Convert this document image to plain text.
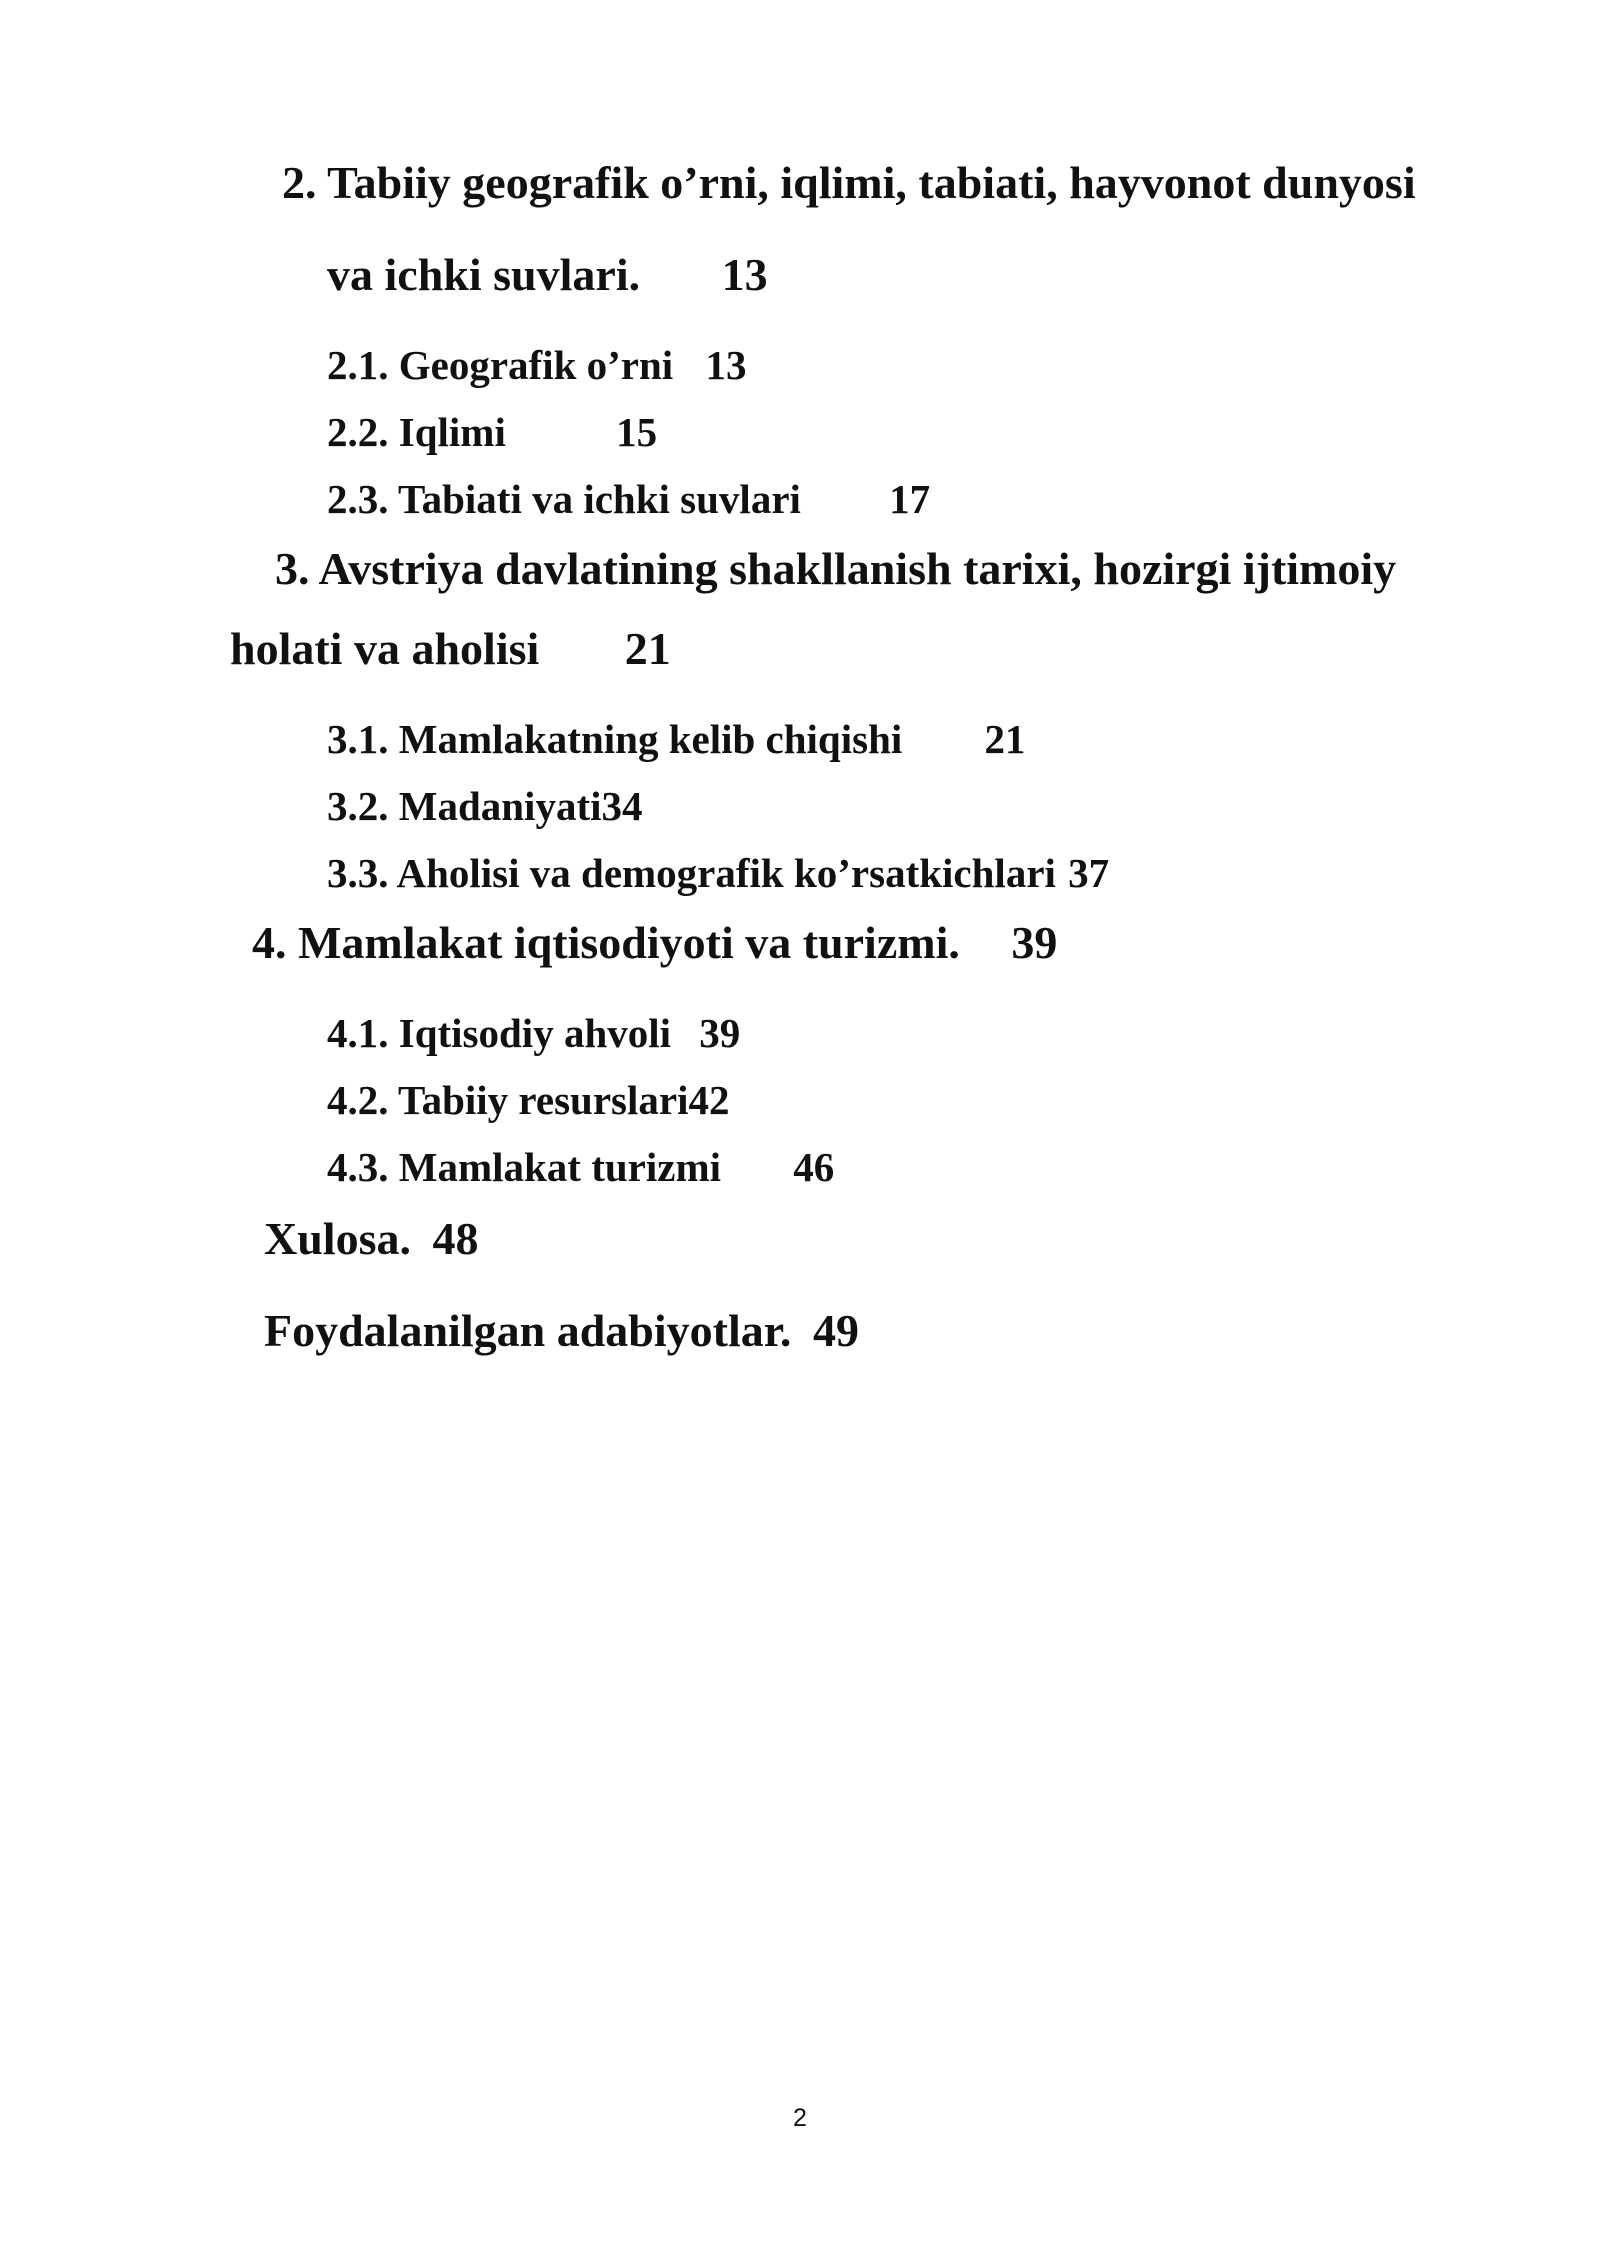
2. Tabiiy geografik o’rni, iqlimi, tabiati, hayvonot dunyosi
va ichki suvlari. 13
2.1. Geografik o’rni 13
2.2. Iqlimi	15
2.3. Tabiati va ichki suvlari 17
3. Avstriya davlatining shakllanish tarixi, hozirgi ijtimoiy
holati va aholisi 21
3.1. Mamlakatning kelib chiqishi 21
3.2. Madaniyati34
3.3. Aholisi va demografik ko’rsatkichlari 37
4. Mamlakat iqtisodiyoti va turizmi. 39
4.1. Iqtisodiy ahvoli 39
4.2. Tabiiy resurslari42
4.3. Mamlakat turizmi 46
Xulosa. 48
Foydalanilgan adabiyotlar. 49
2
